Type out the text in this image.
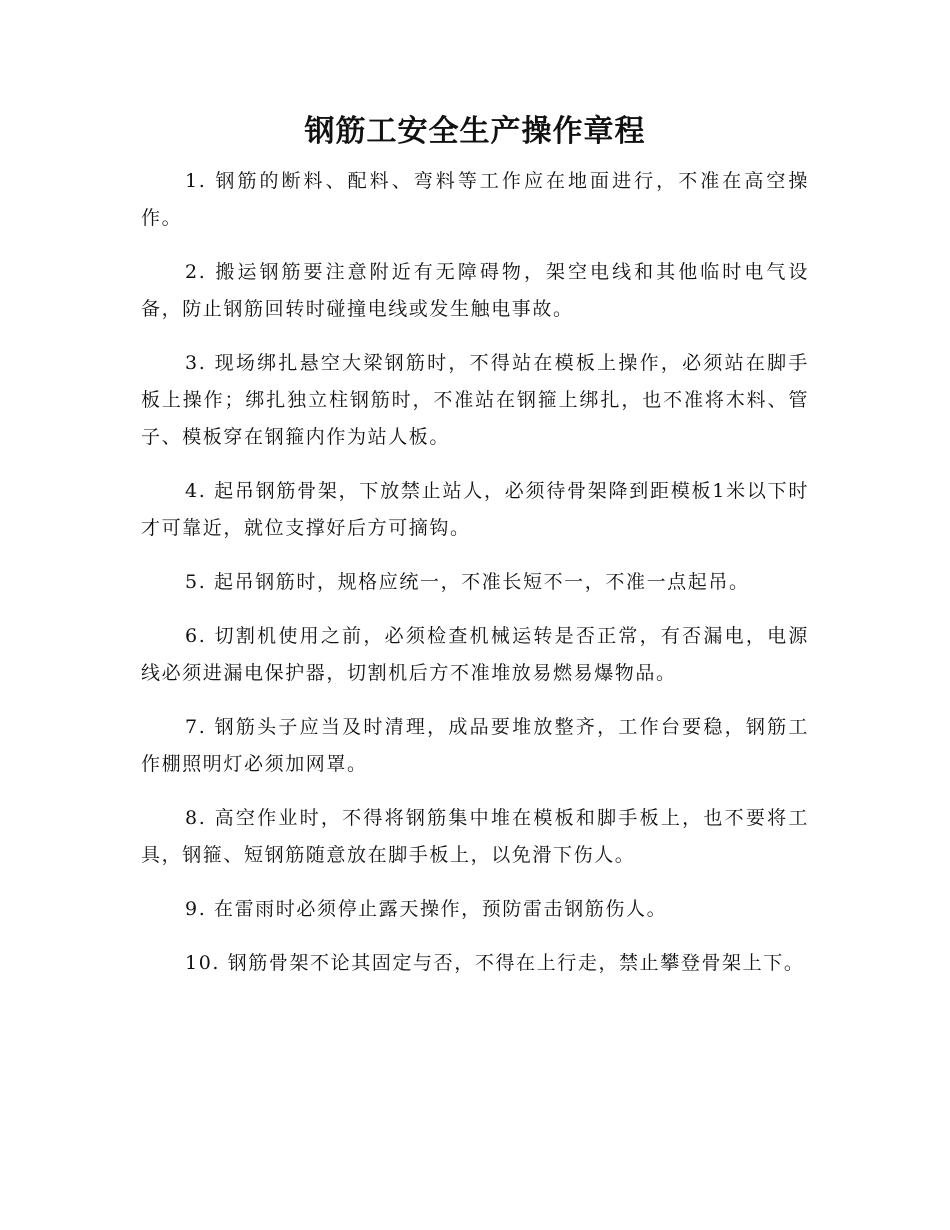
钢筋工安全生产操作章程

1. 钢筋的断料、配料、弯料等工作应在地面进行，不准在高空操作。

2. 搬运钢筋要注意附近有无障碍物，架空电线和其他临时电气设备，防止钢筋回转时碰撞电线或发生触电事故。

3. 现场绑扎悬空大梁钢筋时，不得站在模板上操作，必须站在脚手板上操作；绑扎独立柱钢筋时，不准站在钢箍上绑扎，也不准将木料、管子、模板穿在钢箍内作为站人板。

4. 起吊钢筋骨架，下放禁止站人，必须待骨架降到距模板1米以下时才可靠近，就位支撑好后方可摘钩。

5. 起吊钢筋时，规格应统一，不准长短不一，不准一点起吊。

6. 切割机使用之前，必须检查机械运转是否正常，有否漏电，电源线必须进漏电保护器，切割机后方不准堆放易燃易爆物品。

7. 钢筋头子应当及时清理，成品要堆放整齐，工作台要稳，钢筋工作棚照明灯必须加网罩。

8. 高空作业时，不得将钢筋集中堆在模板和脚手板上，也不要将工具，钢箍、短钢筋随意放在脚手板上，以免滑下伤人。

9. 在雷雨时必须停止露天操作，预防雷击钢筋伤人。

10. 钢筋骨架不论其固定与否，不得在上行走，禁止攀登骨架上下。
